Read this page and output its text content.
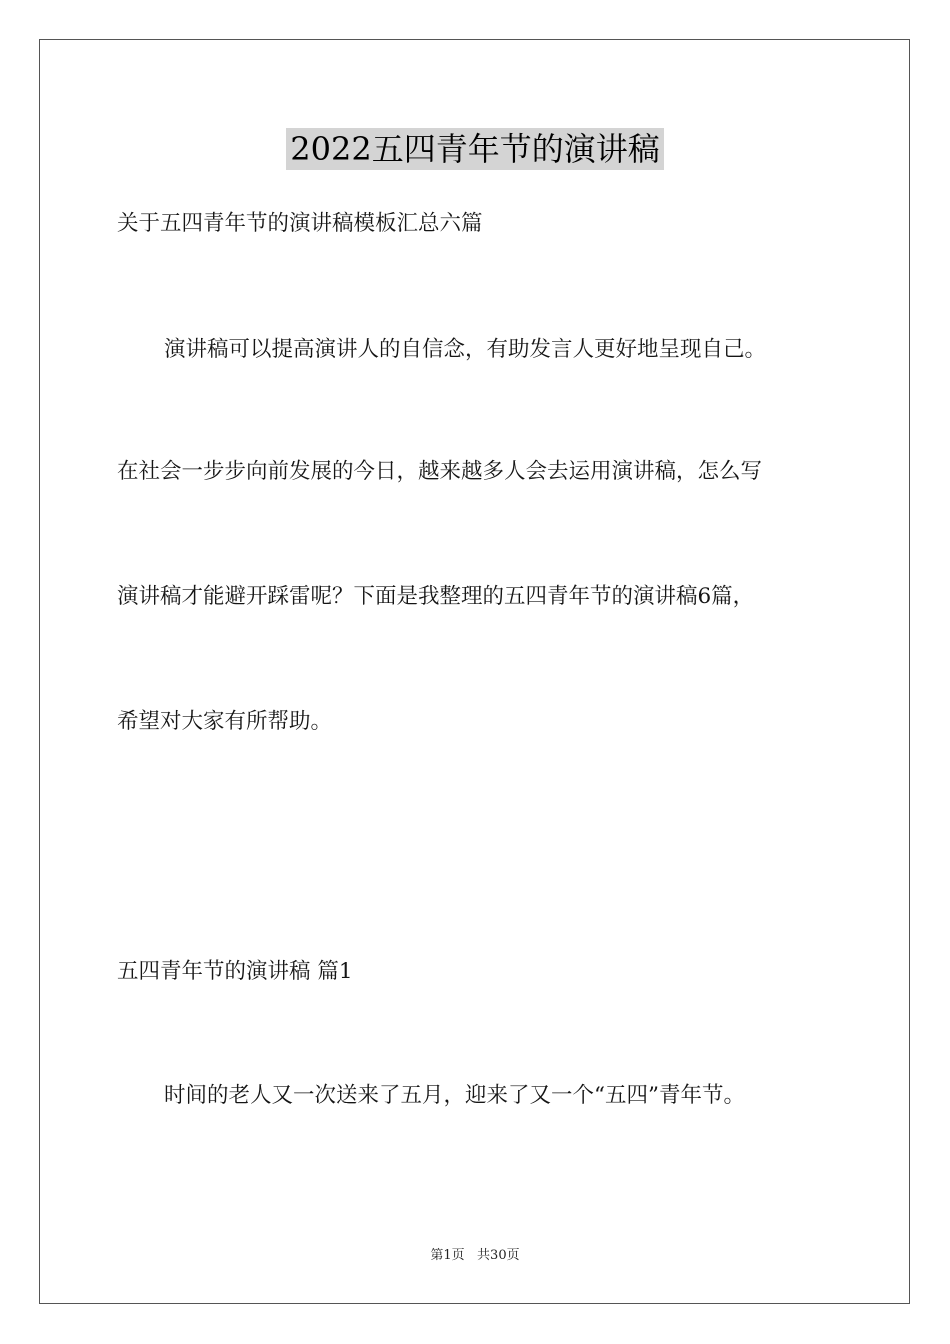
2022五四青年节的演讲稿
关于五四青年节的演讲稿模板汇总六篇
演讲稿可以提高演讲人的自信念，有助发言人更好地呈现自己。
在社会一步步向前发展的今日，越来越多人会去运用演讲稿，怎么写
演讲稿才能避开踩雷呢？下面是我整理的五四青年节的演讲稿6篇，
希望对大家有所帮助。
五四青年节的演讲稿 篇1
时间的老人又一次送来了五月，迎来了又一个“五四”青年节。
第1页   共30页
